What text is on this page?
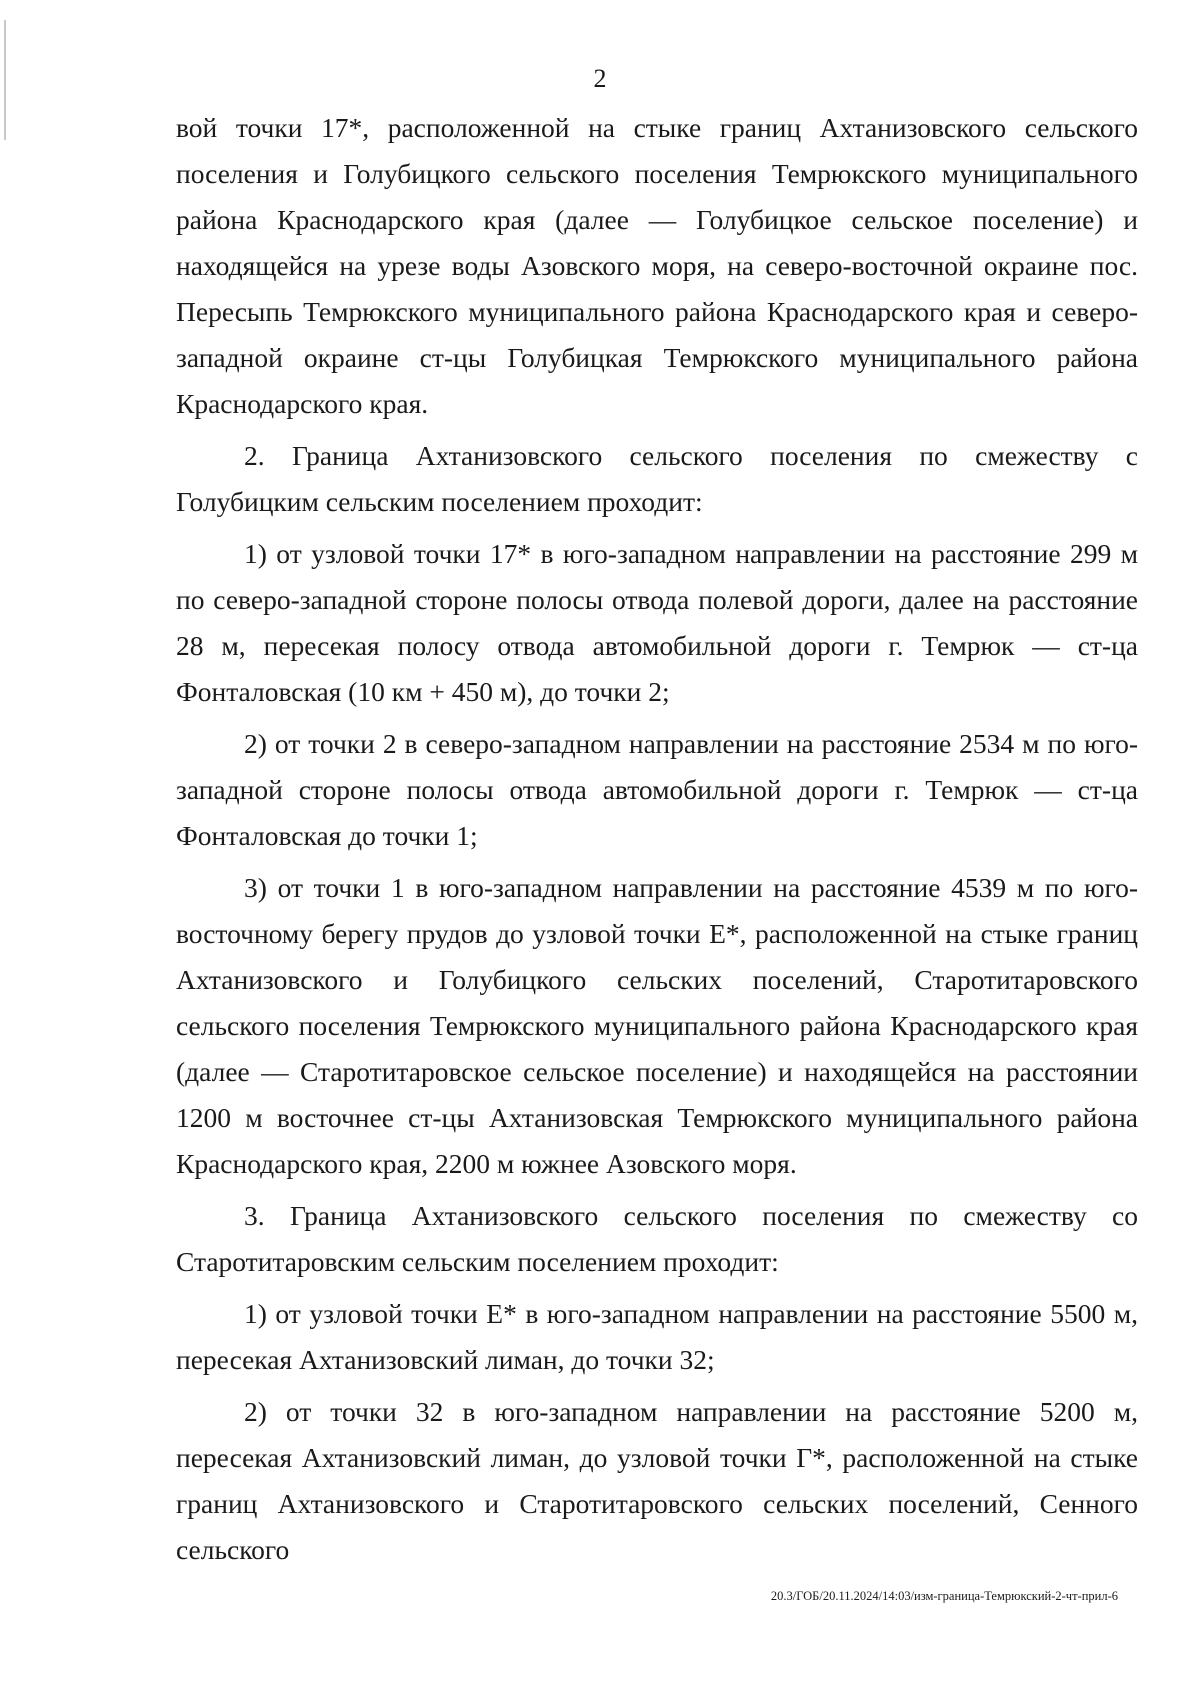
2

вой точки 17*, расположенной на стыке границ Ахтанизовского сельского поселения и Голубицкого сельского поселения Темрюкского муниципального района Краснодарского края (далее — Голубицкое сельское поселение) и находящейся на урезе воды Азовского моря, на северо-восточной окраине пос. Пересыпь Темрюкского муниципального района Краснодарского края и северо-западной окраине ст-цы Голубицкая Темрюкского муниципального района Краснодарского края.

2. Граница Ахтанизовского сельского поселения по смежеству с Голубицким сельским поселением проходит:

1) от узловой точки 17* в юго-западном направлении на расстояние 299 м по северо-западной стороне полосы отвода полевой дороги, далее на расстояние 28 м, пересекая полосу отвода автомобильной дороги г. Темрюк — ст-ца Фонталовская (10 км + 450 м), до точки 2;

2) от точки 2 в северо-западном направлении на расстояние 2534 м по юго-западной стороне полосы отвода автомобильной дороги г. Темрюк — ст-ца Фонталовская до точки 1;

3) от точки 1 в юго-западном направлении на расстояние 4539 м по юго-восточному берегу прудов до узловой точки Е*, расположенной на стыке границ Ахтанизовского и Голубицкого сельских поселений, Старотитаровского сельского поселения Темрюкского муниципального района Краснодарского края (далее — Старотитаровское сельское поселение) и находящейся на расстоянии 1200 м восточнее ст-цы Ахтанизовская Темрюкского муниципального района Краснодарского края, 2200 м южнее Азовского моря.

3. Граница Ахтанизовского сельского поселения по смежеству со Старотитаровским сельским поселением проходит:

1) от узловой точки Е* в юго-западном направлении на расстояние 5500 м, пересекая Ахтанизовский лиман, до точки 32;

2) от точки 32 в юго-западном направлении на расстояние 5200 м, пересекая Ахтанизовский лиман, до узловой точки Г*, расположенной на стыке границ Ахтанизовского и Старотитаровского сельских поселений, Сенного сельского

20.3/ГОБ/20.11.2024/14:03/изм-граница-Темрюкский-2-чт-прил-6
